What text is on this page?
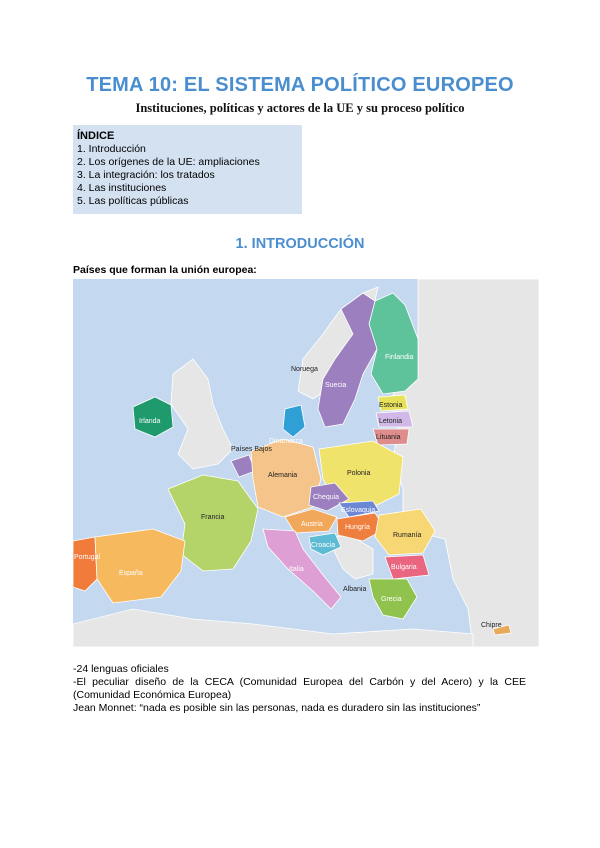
TEMA 10: EL SISTEMA POLÍTICO EUROPEO
Instituciones, políticas y actores de la UE y su proceso político
ÍNDICE
1. Introducción
2. Los orígenes de la UE: ampliaciones
3. La integración: los tratados
4. Las instituciones
5. Las políticas públicas
1. INTRODUCCIÓN
Países que forman la unión europea:
Finlandia
Suecia
Noruega
Estonia
Letonia
Lituania
Irlanda
Dinamarca
Países Bajos
Alemania	Polonia
Chequia
Eslovaquia
Francia
Austria	Hungría
Rumanía
Croacia
Portugal
España
Italia	Bulgaria
Grecia
Albania
Chipre

-24 lenguas oficiales

-El peculiar diseño de la CECA (Comunidad Europea del Carbón y del Acero) y la CEE (Comunidad Económica Europea)

Jean Monnet: “nada es posible sin las personas, nada es duradero sin las instituciones”
